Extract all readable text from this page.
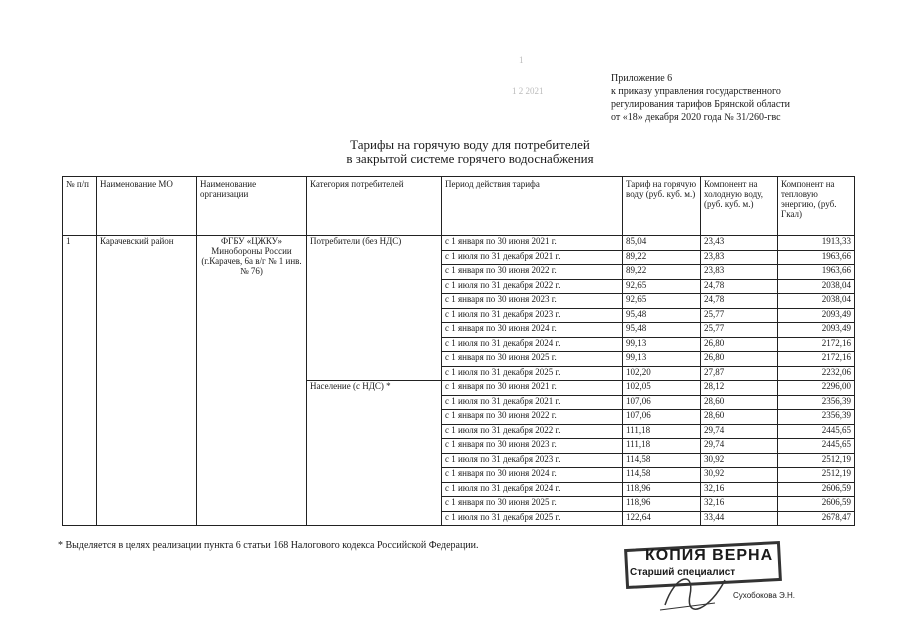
1
1 2 2021
Приложение 6
к приказу управления государственного
регулирования тарифов Брянской области
от «18» декабря 2020 года № 31/260-гвс
Тарифы на горячую воду для потребителей
в закрытой системе горячего водоснабжения
№ п/п	Наименование МО	Наименование организации	Категория потребителей	Период действия тарифа	Тариф на горячую воду (руб. куб. м.)	Компонент на холодную воду, (руб. куб. м.)	Компонент на тепловую энергию, (руб. Гкал)
1	Карачевский район	ФГБУ «ЦЖКУ» Минобороны России (г.Карачев, 6а в/г № 1 инв. № 76)	Потребители (без НДС)	с 1 января по 30 июня 2021 г.	85,04	23,43	1913,33
				с 1 июля по 31 декабря 2021 г.	89,22	23,83	1963,66
				с 1 января по 30 июня 2022 г.	89,22	23,83	1963,66
				с 1 июля по 31 декабря 2022 г.	92,65	24,78	2038,04
				с 1 января по 30 июня 2023 г.	92,65	24,78	2038,04
				с 1 июля по 31 декабря 2023 г.	95,48	25,77	2093,49
				с 1 января по 30 июня 2024 г.	95,48	25,77	2093,49
				с 1 июля по 31 декабря 2024 г.	99,13	26,80	2172,16
				с 1 января по 30 июня 2025 г.	99,13	26,80	2172,16
				с 1 июля по 31 декабря 2025 г.	102,20	27,87	2232,06
			Население (с НДС) *	с 1 января по 30 июня 2021 г.	102,05	28,12	2296,00
				с 1 июля по 31 декабря 2021 г.	107,06	28,60	2356,39
				с 1 января по 30 июня 2022 г.	107,06	28,60	2356,39
				с 1 июля по 31 декабря 2022 г.	111,18	29,74	2445,65
				с 1 января по 30 июня 2023 г.	111,18	29,74	2445,65
				с 1 июля по 31 декабря 2023 г.	114,58	30,92	2512,19
				с 1 января по 30 июня 2024 г.	114,58	30,92	2512,19
				с 1 июля по 31 декабря 2024 г.	118,96	32,16	2606,59
				с 1 января по 30 июня 2025 г.	118,96	32,16	2606,59
				с 1 июля по 31 декабря 2025 г.	122,64	33,44	2678,47
* Выделяется в целях реализации пункта 6 статьи 168 Налогового кодекса Российской Федерации.
КОПИЯ ВЕРНА
Старший специалист
Сухобокова Э.Н.
